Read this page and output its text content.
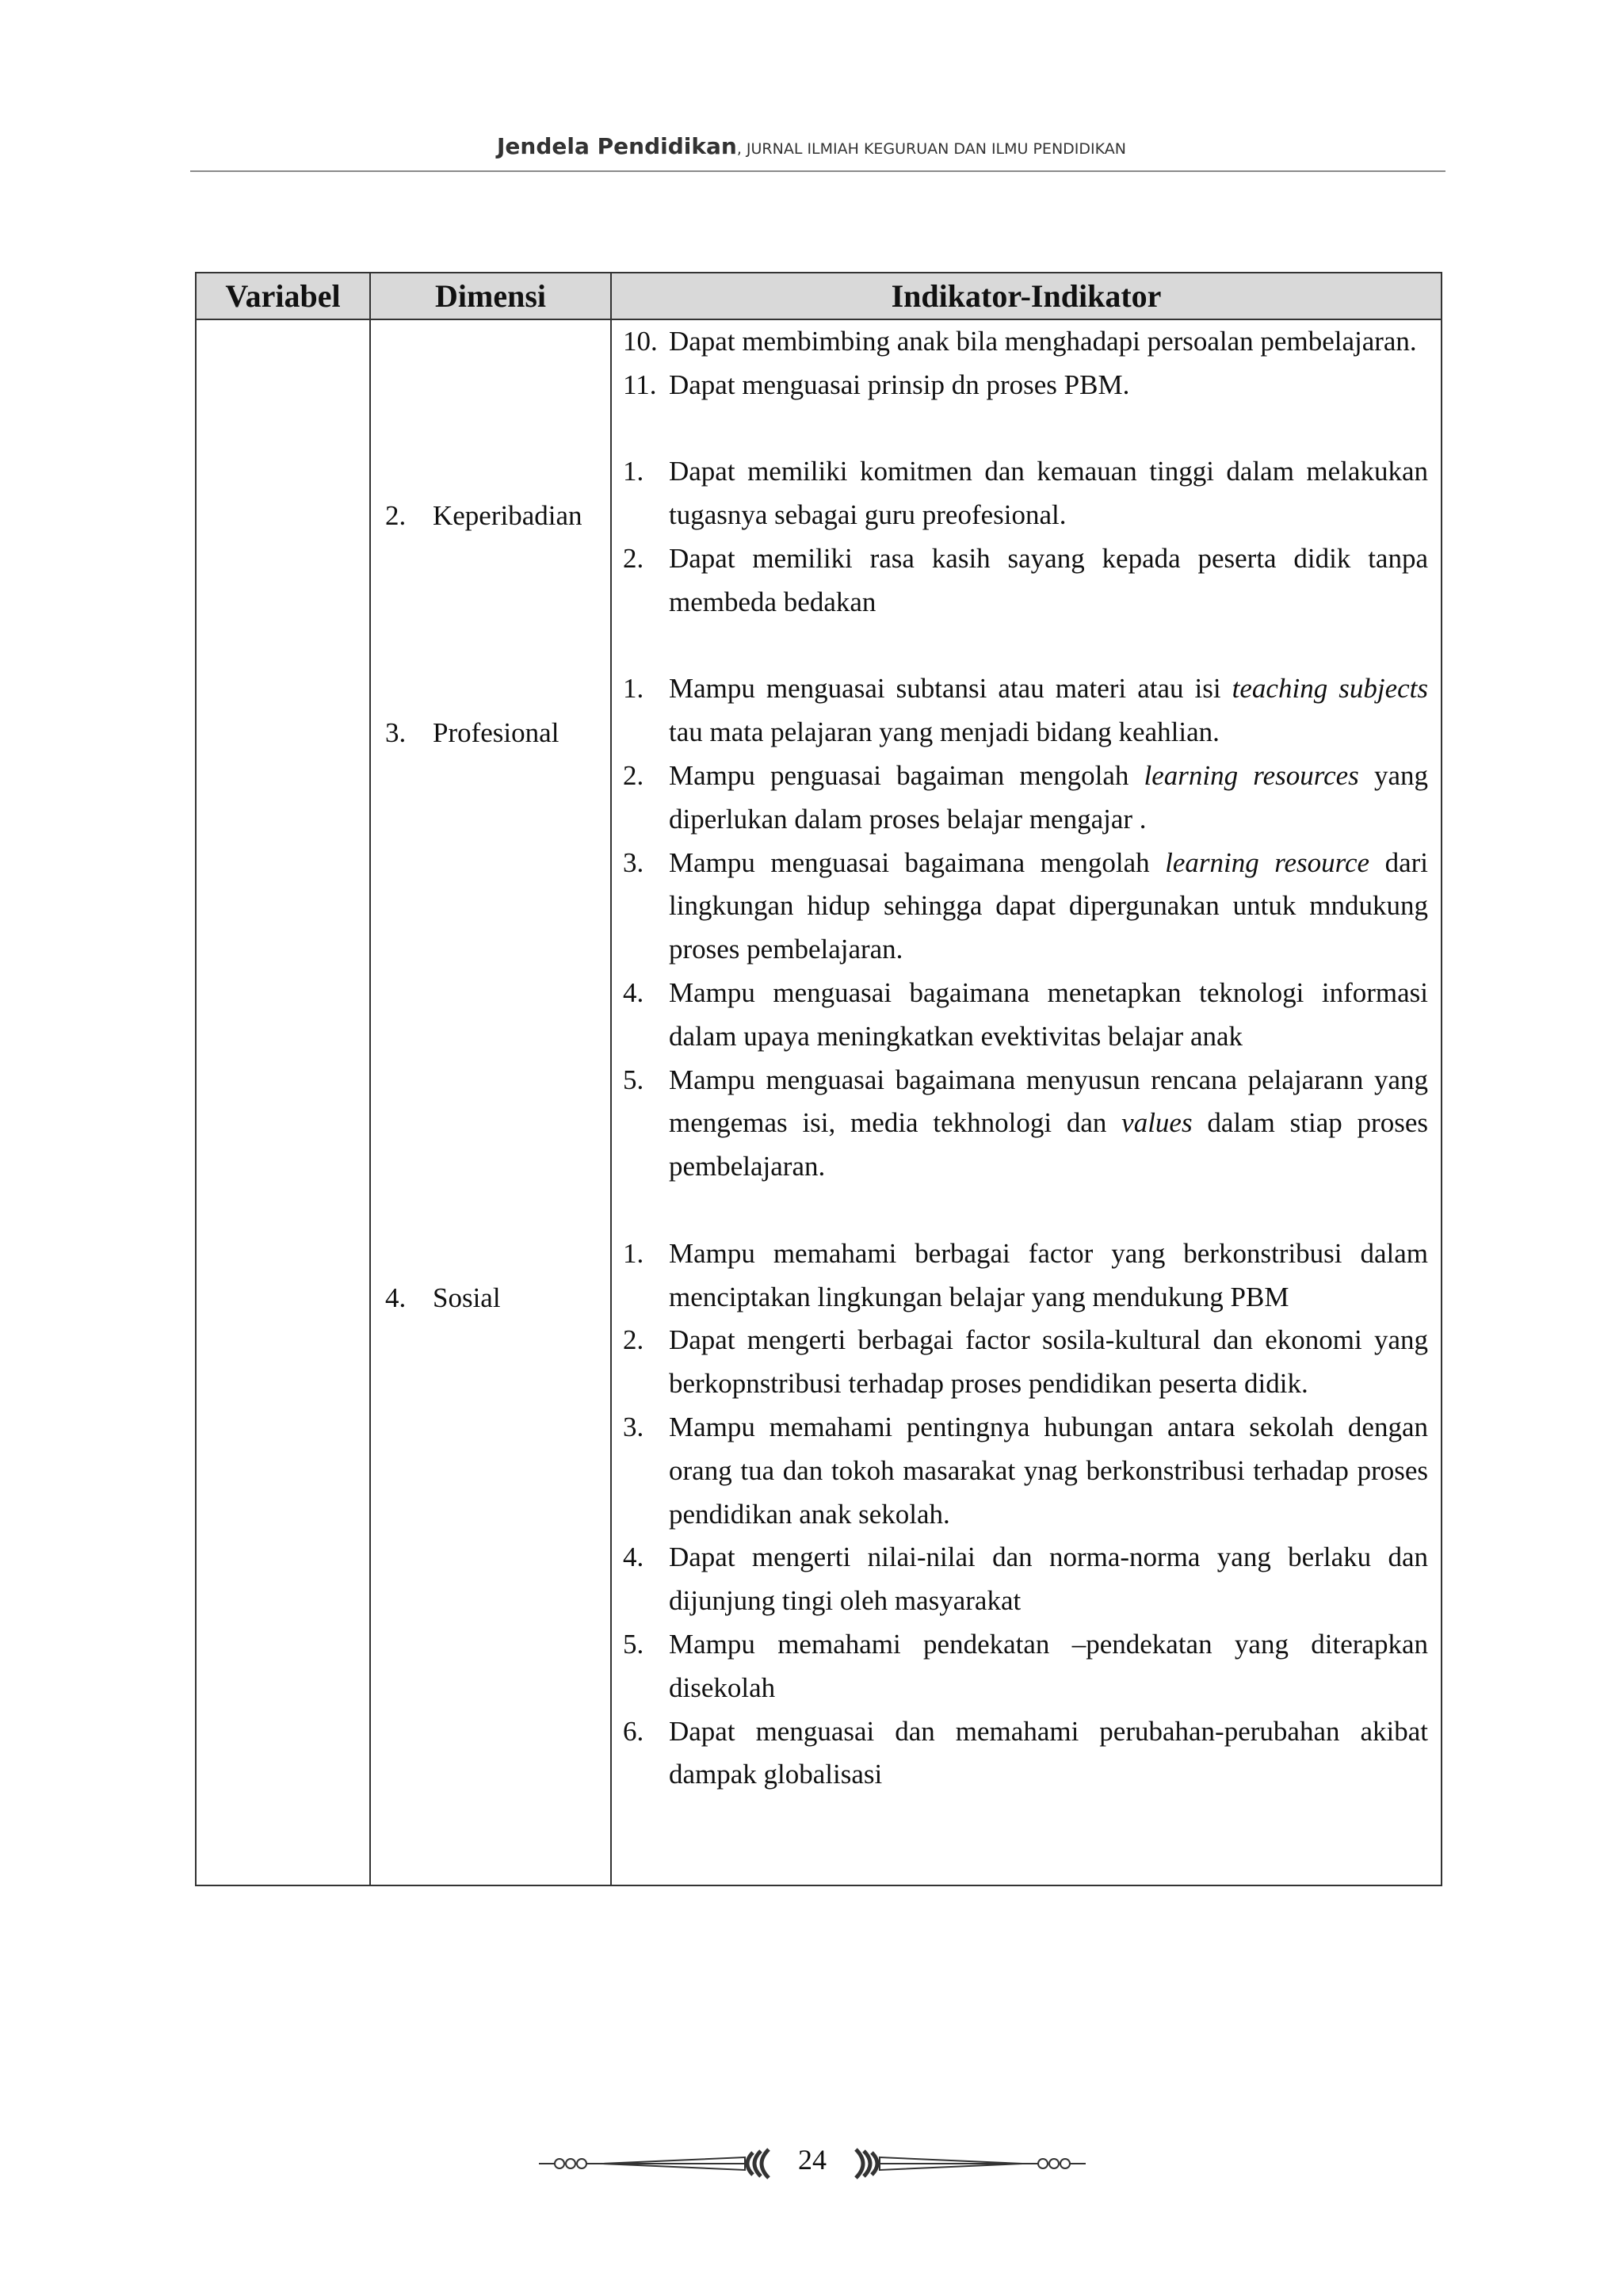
Jendela Pendidikan, JURNAL ILMIAH KEGURUAN DAN ILMU PENDIDIKAN
Variabel	Dimensi	Indikator-Indikator
2. Keperibadian
3. Profesional
4. Sosial
10. Dapat membimbing anak bila menghadapi persoalan pembelajaran.
11. Dapat menguasai prinsip dn proses PBM.
1. Dapat memiliki komitmen dan kemauan tinggi dalam melakukan tugasnya sebagai guru preofesional.
2. Dapat memiliki rasa kasih sayang kepada peserta didik tanpa membeda bedakan
1. Mampu menguasai subtansi atau materi atau isi teaching subjects tau mata pelajaran yang menjadi bidang keahlian.
2. Mampu penguasai bagaiman mengolah learning resources yang diperlukan dalam proses belajar mengajar .
3. Mampu menguasai bagaimana mengolah learning resource dari lingkungan hidup sehingga dapat dipergunakan untuk mndukung proses pembelajaran.
4. Mampu menguasai bagaimana menetapkan teknologi informasi dalam upaya meningkatkan evektivitas belajar anak
5. Mampu menguasai bagaimana menyusun rencana pelajarann yang mengemas isi, media tekhnologi dan values dalam stiap proses pembelajaran.
1. Mampu memahami berbagai factor yang berkonstribusi dalam menciptakan lingkungan belajar yang mendukung PBM
2. Dapat mengerti berbagai factor sosila-kultural dan ekonomi yang berkopnstribusi terhadap proses pendidikan peserta didik.
3. Mampu memahami pentingnya hubungan antara sekolah dengan orang tua dan tokoh masarakat ynag berkonstribusi terhadap proses pendidikan anak sekolah.
4. Dapat mengerti nilai-nilai dan norma-norma yang berlaku dan dijunjung tingi oleh masyarakat
5. Mampu memahami pendekatan –pendekatan yang diterapkan disekolah
6. Dapat menguasai dan memahami perubahan-perubahan akibat dampak globalisasi
24
